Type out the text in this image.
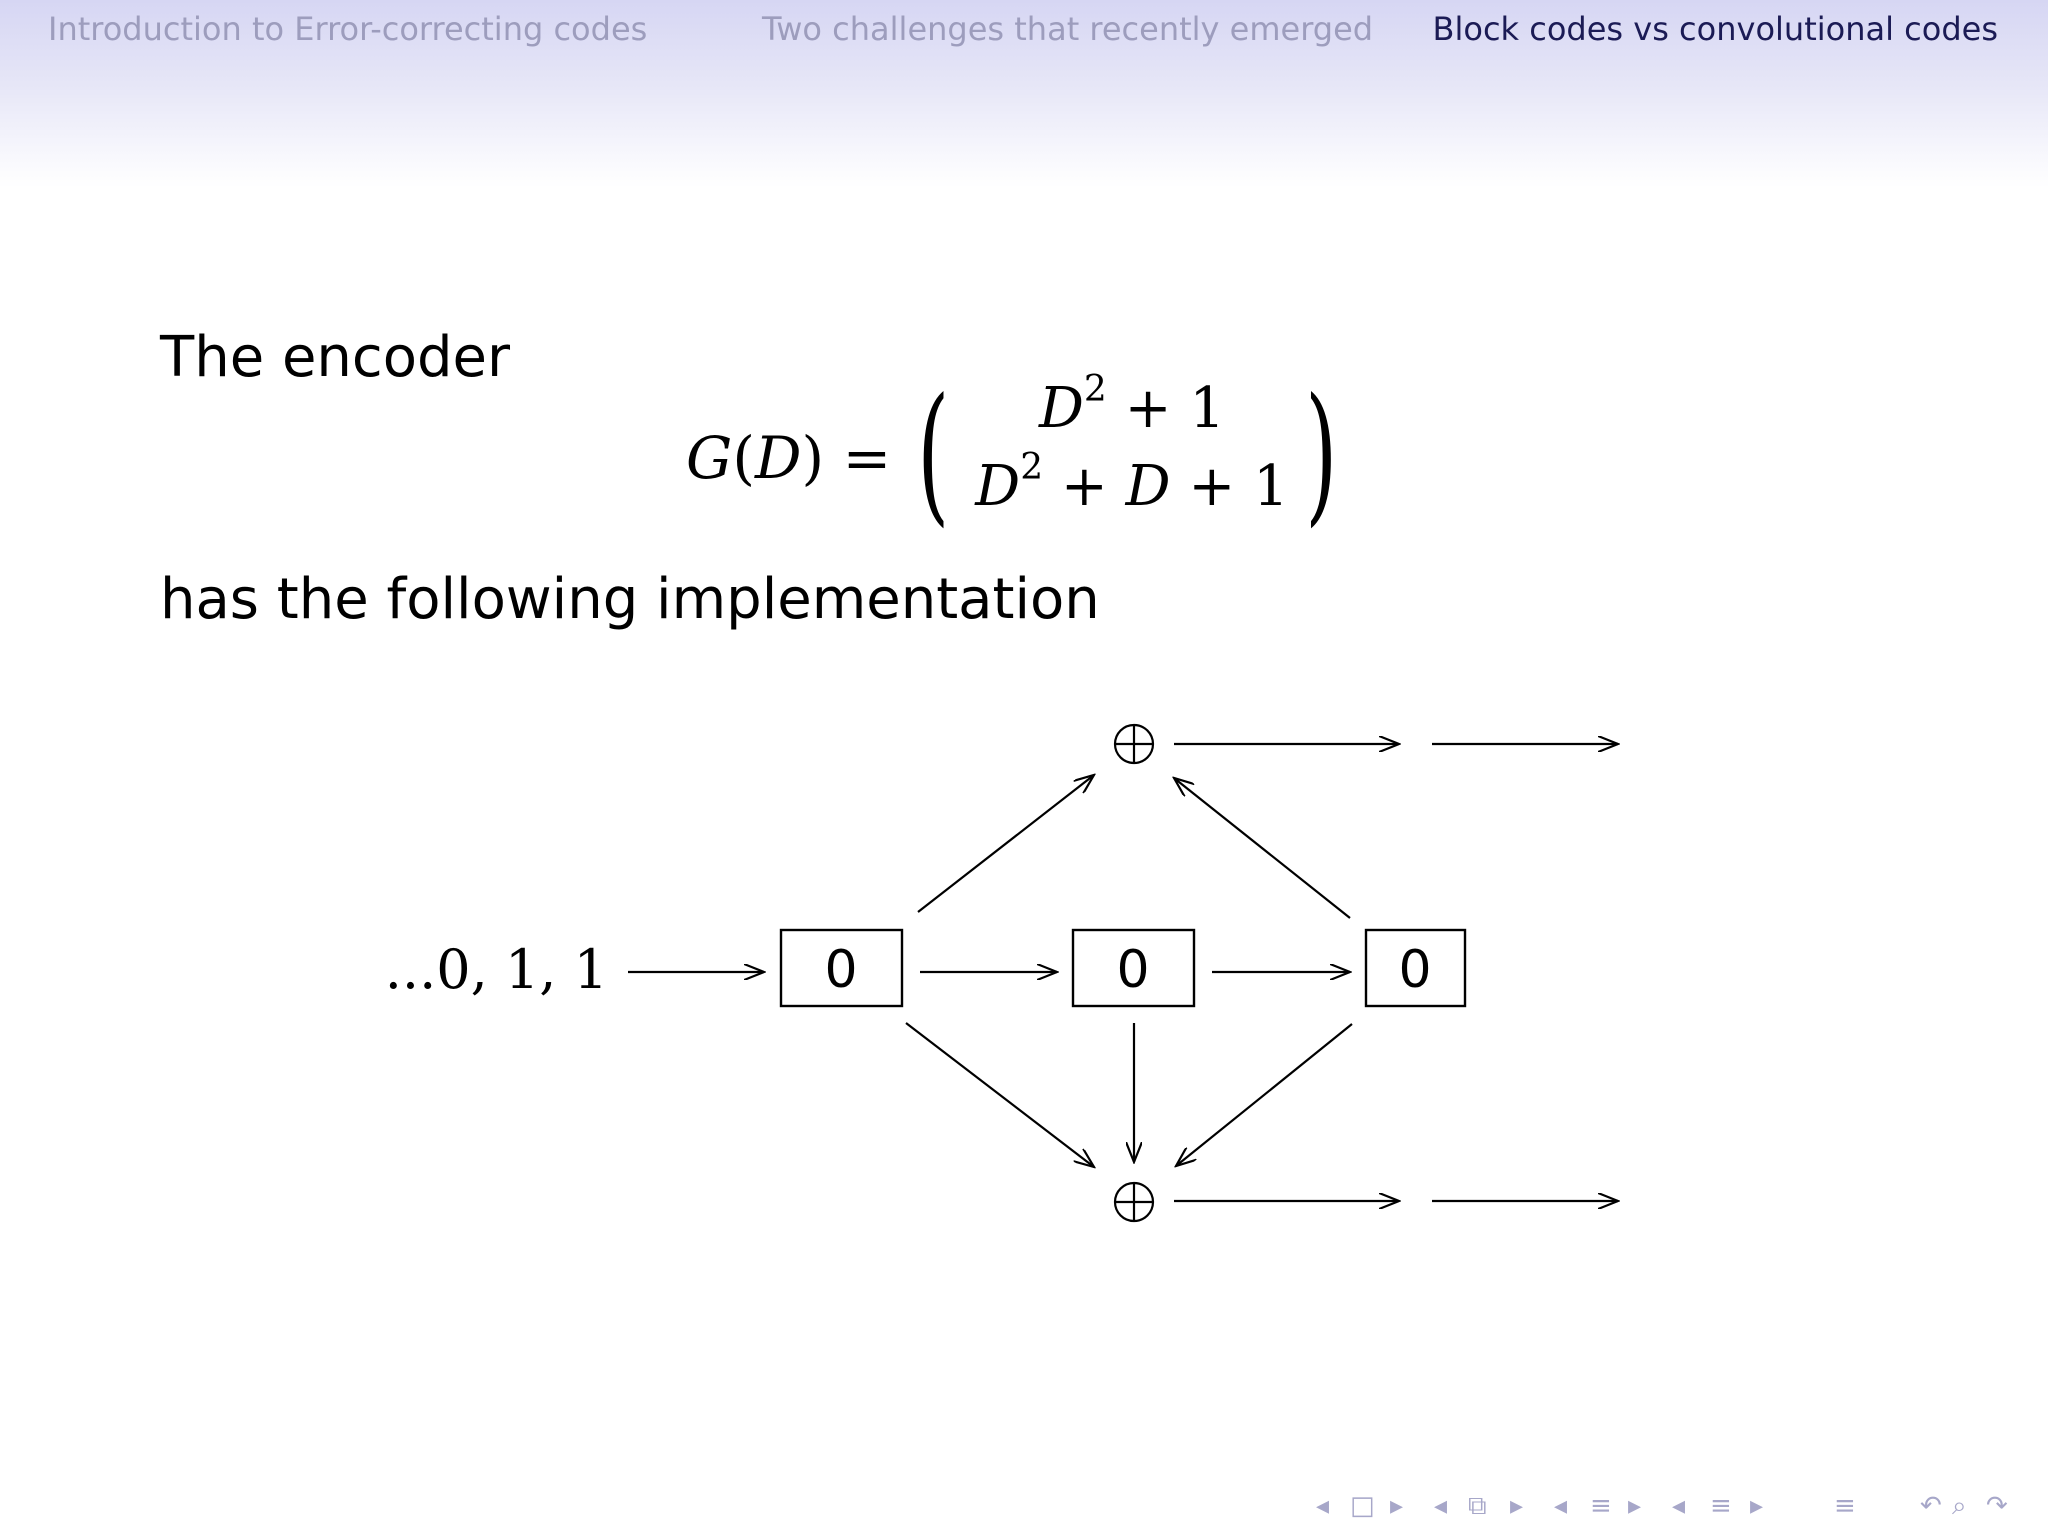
Introduction to Error-correcting codes	Two challenges that recently emerged Block codes vs convolutional codes
The encoder
G(D) = (	$D^2 + 1$
$D^2 + D + 1$ )
has the following implementation
...0, 1, 1	0	0	0
◂ □ ▸ ◂ ⧉ ▸ ◂ ≡ ▸ ◂ ≡ ▸	≡ ↶ ⌕ ↷
